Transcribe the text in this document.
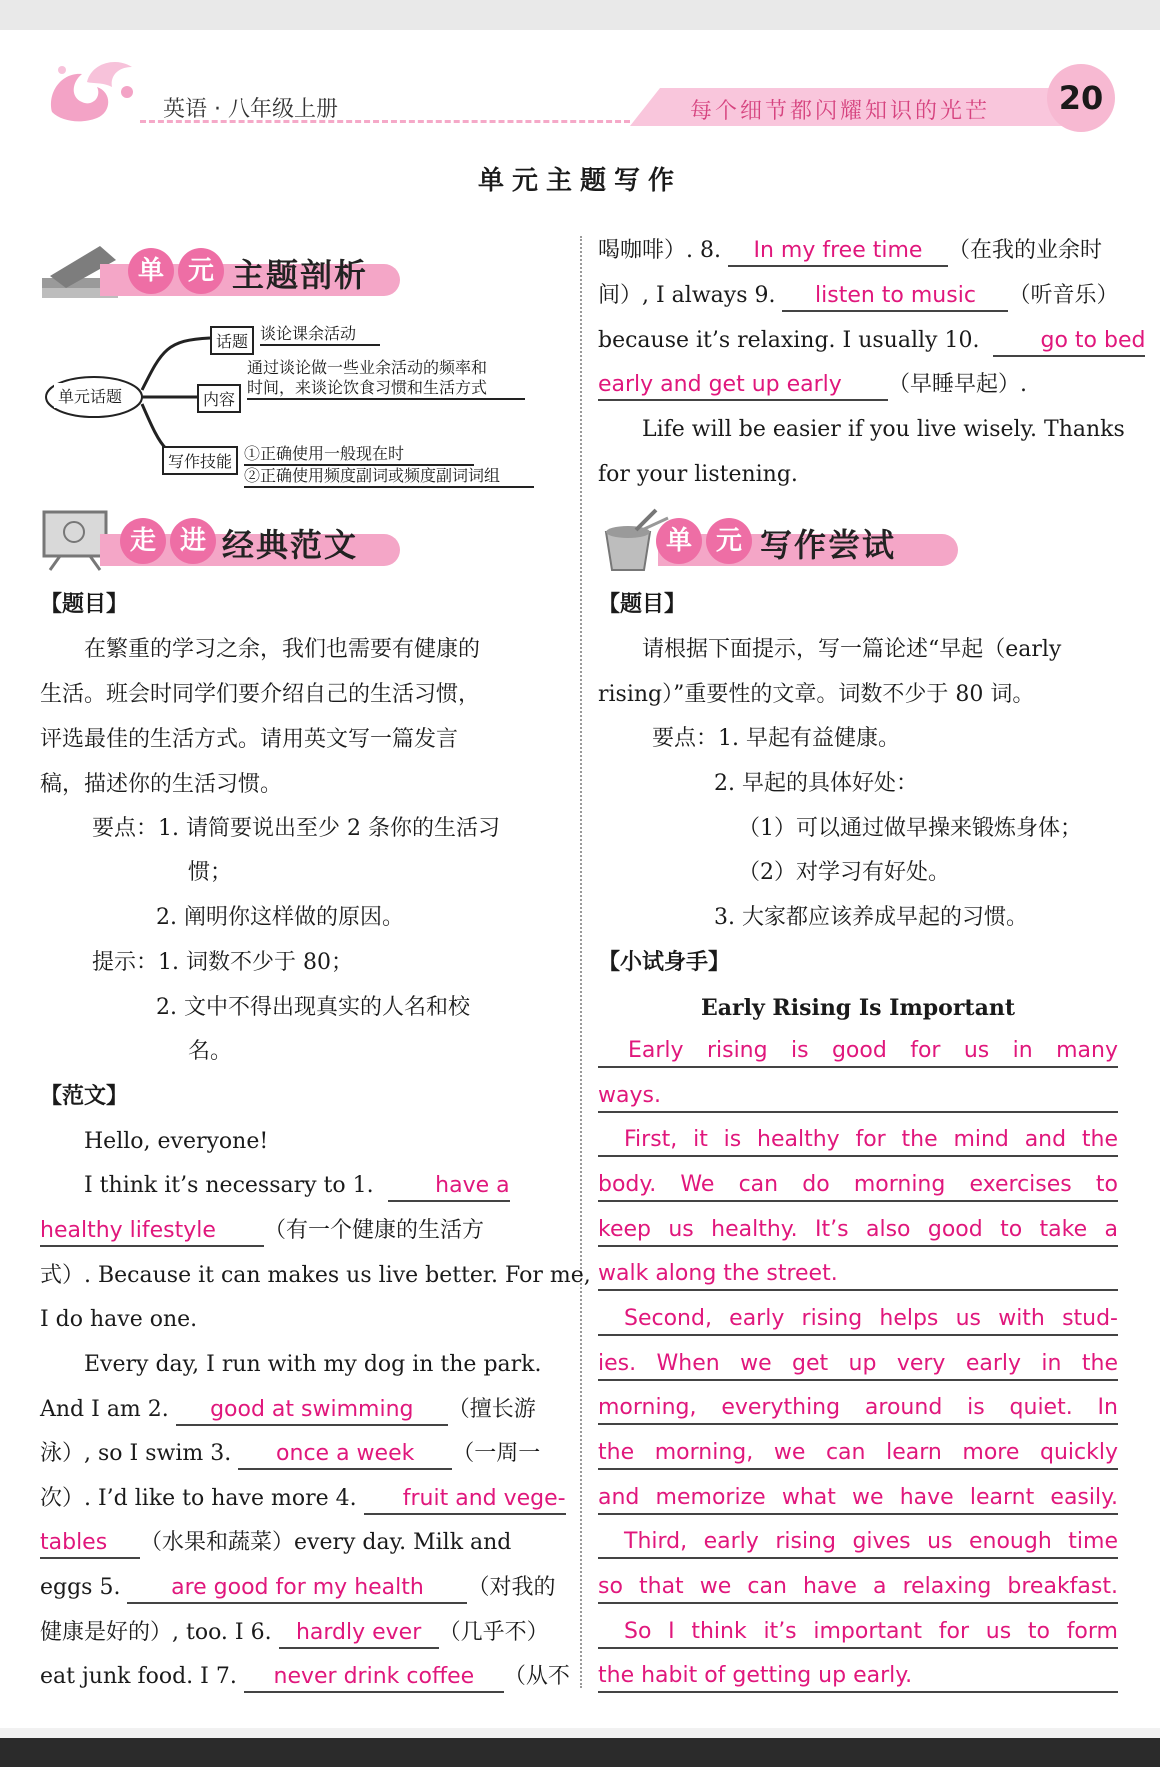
英语 · 八年级上册	每个细节都闪耀知识的光芒	20
单元主题写作
单 元 主题剖析
单元话题
话题 谈论课余活动
内容
通过谈论做一些业余活动的频率和
时间，来谈论饮食习惯和生活方式
写作技能 ①正确使用一般现在时
②正确使用频度副词或频度副词词组
走 进 经典范文
【题目】
在繁重的学习之余，我们也需要有健康的
生活。班会时同学们要介绍自己的生活习惯，
评选最佳的生活方式。请用英文写一篇发言
稿，描述你的生活习惯。
要点：1. 请简要说出至少 2 条你的生活习
惯；
2. 阐明你这样做的原因。
提示：1. 词数不少于 80；
2. 文中不得出现真实的人名和校
名。
【范文】
Hello, everyone!
I think it’s necessary to 1.	have a
healthy lifestyle （有一个健康的生活方
式）. Because it can makes us live better. For me,
I do have one.
Every day, I run with my dog in the park.
And I am 2. good at swimming （擅长游
泳）, so I swim 3. once a week （一周一
次）. I’d like to have more 4. fruit and vege-
tables （水果和蔬菜）every day. Milk and
eggs 5. are good for my health （对我的
健康是好的）, too. I 6. hardly ever （几乎不）
eat junk food. I 7. never drink coffee （从不
喝咖啡）. 8. In my free time （在我的业余时
间）, I always 9. listen to music （听音乐）
because it’s relaxing. I usually 10.	go to bed
early and get up early （早睡早起）.
Life will be easier if you live wisely. Thanks
for your listening.
单 元 写作尝试
【题目】
请根据下面提示，写一篇论述“早起（early
rising）”重要性的文章。词数不少于 80 词。
要点：1. 早起有益健康。
2. 早起的具体好处：
（1）可以通过做早操来锻炼身体；
（2）对学习有好处。
3. 大家都应该养成早起的习惯。
【小试身手】
Early Rising Is Important
Early rising is good for us in many
ways.
First, it is healthy for the mind and the
body. We can do morning exercises to
keep us healthy. It’s also good to take a
walk along the street.
Second, early rising helps us with stud-
ies. When we get up very early in the
morning, everything around is quiet. In
the morning, we can learn more quickly
and memorize what we have learnt easily.
Third, early rising gives us enough time
so that we can have a relaxing breakfast.
So I think it’s important for us to form
the habit of getting up early.
